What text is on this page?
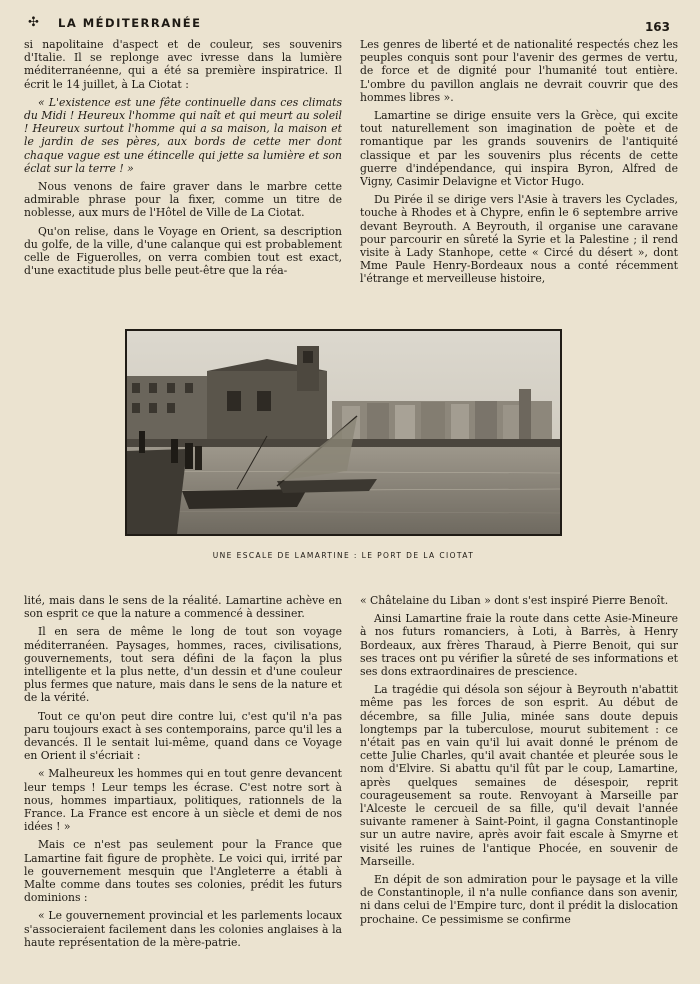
✣ LA MÉDITERRANÉE	163

si napolitaine d'aspect et de couleur, ses souvenirs d'Italie. Il se replonge avec ivresse dans la lumière méditerranéenne, qui a été sa première inspiratrice. Il écrit le 14 juillet, à La Ciotat :

« L'existence est une fête continuelle dans ces climats du Midi ! Heureux l'homme qui naît et qui meurt au soleil ! Heureux surtout l'homme qui a sa maison, la maison et le jardin de ses pères, aux bords de cette mer dont chaque vague est une étincelle qui jette sa lumière et son éclat sur la terre ! »

Nous venons de faire graver dans le marbre cette admirable phrase pour la fixer, comme un titre de noblesse, aux murs de l'Hôtel de Ville de La Ciotat.

Qu'on relise, dans le Voyage en Orient, sa description du golfe, de la ville, d'une calanque qui est probablement celle de Figuerolles, on verra combien tout est exact, d'une exactitude plus belle peut-être que la réa-

Les genres de liberté et de nationalité respectés chez les peuples conquis sont pour l'avenir des germes de vertu, de force et de dignité pour l'humanité tout entière. L'ombre du pavillon anglais ne devrait couvrir que des hommes libres ».

Lamartine se dirige ensuite vers la Grèce, qui excite tout naturellement son imagination de poète et de romantique par les grands souvenirs de l'antiquité classique et par les souvenirs plus récents de cette guerre d'indépendance, qui inspira Byron, Alfred de Vigny, Casimir Delavigne et Victor Hugo.

Du Pirée il se dirige vers l'Asie à travers les Cyclades, touche à Rhodes et à Chypre, enfin le 6 septembre arrive devant Beyrouth. A Beyrouth, il organise une caravane pour parcourir en sûreté la Syrie et la Palestine ; il rend visite à Lady Stanhope, cette « Circé du désert », dont Mme Paule Henry-Bordeaux nous a conté récemment l'étrange et merveilleuse histoire,

UNE ESCALE DE LAMARTINE : LE PORT DE LA CIOTAT

lité, mais dans le sens de la réalité. Lamartine achève en son esprit ce que la nature a commencé à dessiner.

Il en sera de même le long de tout son voyage méditerranéen. Paysages, hommes, races, civilisations, gouvernements, tout sera défini de la façon la plus intelligente et la plus nette, d'un dessin et d'une couleur plus fermes que nature, mais dans le sens de la nature et de la vérité.

Tout ce qu'on peut dire contre lui, c'est qu'il n'a pas paru toujours exact à ses contemporains, parce qu'il les a devancés. Il le sentait lui-même, quand dans ce Voyage en Orient il s'écriait :

« Malheureux les hommes qui en tout genre devancent leur temps ! Leur temps les écrase. C'est notre sort à nous, hommes impartiaux, politiques, rationnels de la France. La France est encore à un siècle et demi de nos idées ! »

Mais ce n'est pas seulement pour la France que Lamartine fait figure de prophète. Le voici qui, irrité par le gouvernement mesquin que l'Angleterre a établi à Malte comme dans toutes ses colonies, prédit les futurs dominions :

« Le gouvernement provincial et les parlements locaux s'associeraient facilement dans les colonies anglaises à la haute représentation de la mère-patrie.

« Châtelaine du Liban » dont s'est inspiré Pierre Benoît.

Ainsi Lamartine fraie la route dans cette Asie-Mineure à nos futurs romanciers, à Loti, à Barrès, à Henry Bordeaux, aux frères Tharaud, à Pierre Benoit, qui sur ses traces ont pu vérifier la sûreté de ses informations et ses dons extraordinaires de prescience.

La tragédie qui désola son séjour à Beyrouth n'abattit même pas les forces de son esprit. Au début de décembre, sa fille Julia, minée sans doute depuis longtemps par la tuberculose, mourut subitement : ce n'était pas en vain qu'il lui avait donné le prénom de cette Julie Charles, qu'il avait chantée et pleurée sous le nom d'Elvire. Si abattu qu'il fût par le coup, Lamartine, après quelques semaines de désespoir, reprit courageusement sa route. Renvoyant à Marseille par l'Alceste le cercueil de sa fille, qu'il devait l'année suivante ramener à Saint-Point, il gagna Constantinople sur un autre navire, après avoir fait escale à Smyrne et visité les ruines de l'antique Phocée, en souvenir de Marseille.

En dépit de son admiration pour le paysage et la ville de Constantinople, il n'a nulle confiance dans son avenir, ni dans celui de l'Empire turc, dont il prédit la dislocation prochaine. Ce pessimisme se confirme
